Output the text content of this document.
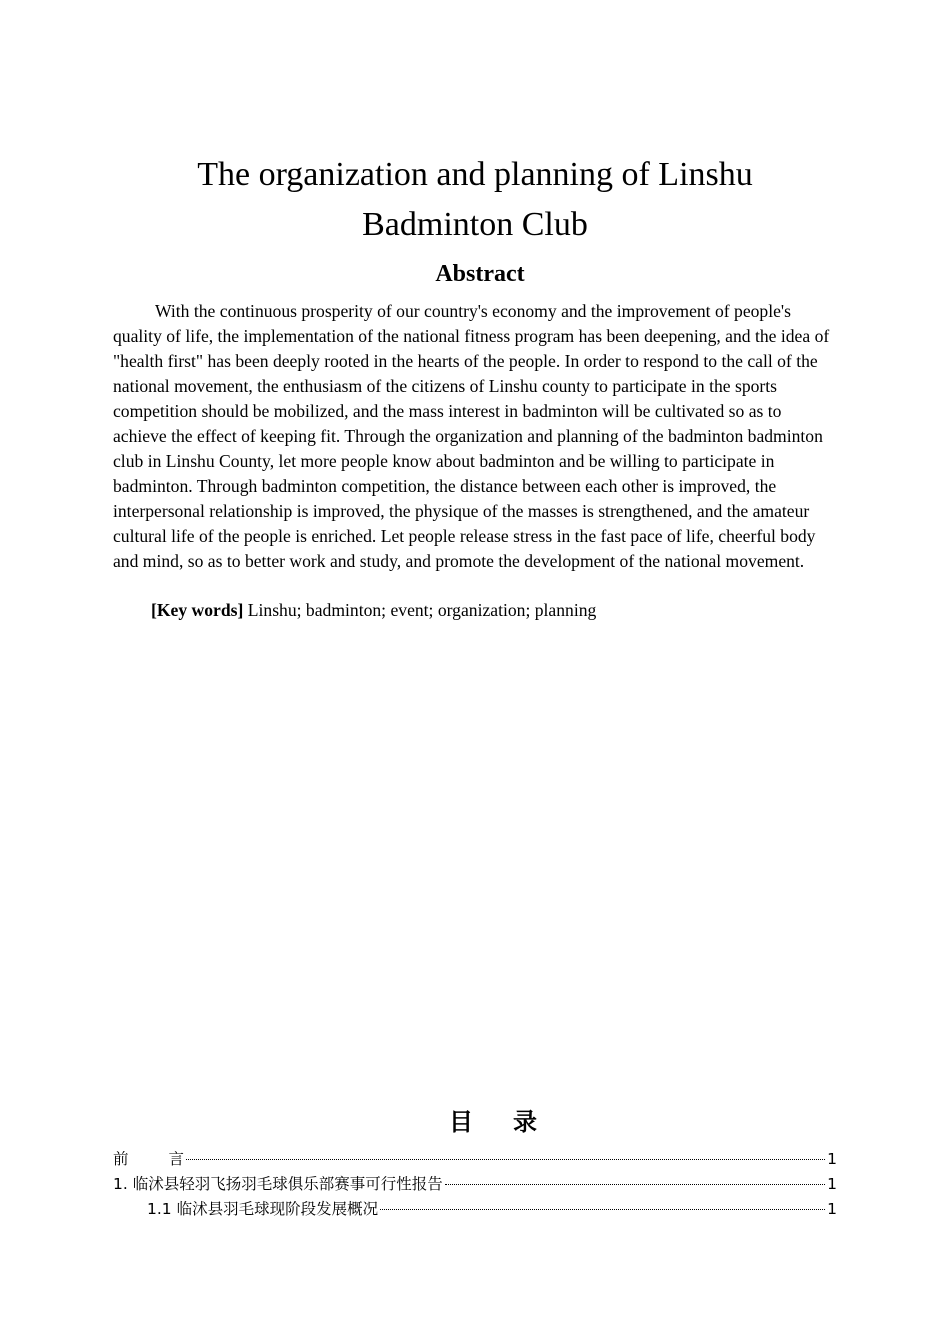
The organization and planning of Linshu
Badminton Club
Abstract

With the continuous prosperity of our country's economy and the improvement of people's quality of life, the implementation of the national fitness program has been deepening, and the idea of "health first" has been deeply rooted in the hearts of the people. In order to respond to the call of the national movement, the enthusiasm of the citizens of Linshu county to participate in the sports competition should be mobilized, and the mass interest in badminton will be cultivated so as to achieve the effect of keeping fit. Through the organization and planning of the badminton badminton club in Linshu County, let more people know about badminton and be willing to participate in badminton. Through badminton competition, the distance between each other is improved, the interpersonal relationship is improved, the physique of the masses is strengthened, and the amateur cultural life of the people is enriched. Let people release stress in the fast pace of life, cheerful body and mind, so as to better work and study, and promote the development of the national movement.

[Key words] Linshu; badminton; event; organization; planning

目录
前	言	1
1. 临沭县轻羽飞扬羽毛球俱乐部赛事可行性报告	1
1.1 临沭县羽毛球现阶段发展概况	1
